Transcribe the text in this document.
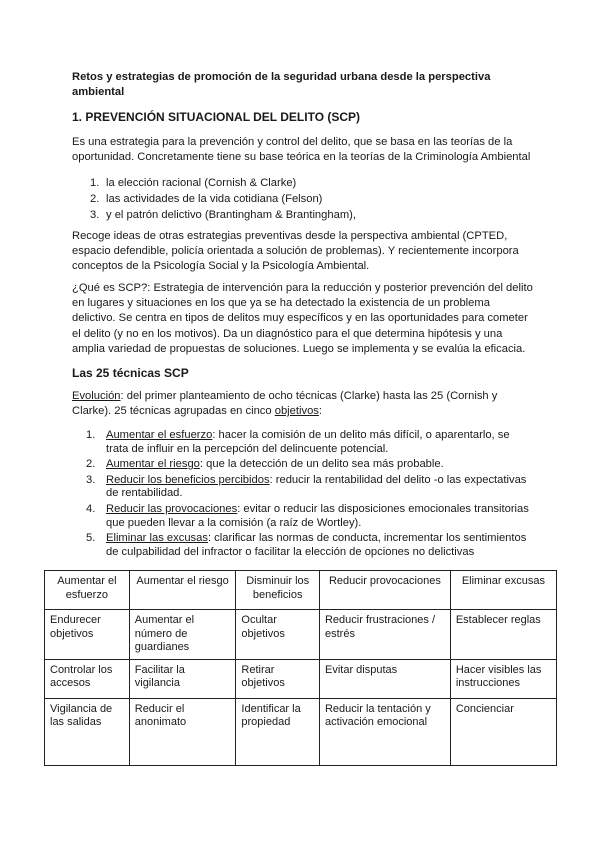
Retos y estrategias de promoción de la seguridad urbana desde la perspectiva ambiental
1. PREVENCIÓN SITUACIONAL DEL DELITO (SCP)
Es una estrategia para la prevención y control del delito, que se basa en las teorías de la oportunidad. Concretamente tiene su base teórica en la teorías de la Criminología Ambiental
1. la elección racional (Cornish & Clarke)
2. las actividades de la vida cotidiana (Felson)
3. y el patrón delictivo (Brantingham & Brantingham),
Recoge ideas de otras estrategias preventivas desde la perspectiva ambiental (CPTED, espacio defendible, policía orientada a solución de problemas). Y recientemente incorpora conceptos de la Psicología Social y la Psicología Ambiental.
¿Qué es SCP?: Estrategia de intervención para la reducción y posterior prevención del delito en lugares y situaciones en los que ya se ha detectado la existencia de un problema delictivo. Se centra en tipos de delitos muy específicos y en las oportunidades para cometer el delito (y no en los motivos). Da un diagnóstico para el que determina hipótesis y una amplia variedad de propuestas de soluciones. Luego se implementa y se evalúa la eficacia.
Las 25 técnicas SCP
Evolución: del primer planteamiento de ocho técnicas (Clarke) hasta las 25 (Cornish y Clarke). 25 técnicas agrupadas en cinco objetivos:
1. Aumentar el esfuerzo: hacer la comisión de un delito más difícil, o aparentarlo, se trata de influir en la percepción del delincuente potencial.
2. Aumentar el riesgo: que la detección de un delito sea más probable.
3. Reducir los beneficios percibidos: reducir la rentabilidad del delito -o las expectativas de rentabilidad.
4. Reducir las provocaciones: evitar o reducir las disposiciones emocionales transitorias que pueden llevar a la comisión (a raíz de Wortley).
5. Eliminar las excusas: clarificar las normas de conducta, incrementar los sentimientos de culpabilidad del infractor o facilitar la elección de opciones no delictivas
Aumentar el esfuerzo	Aumentar el riesgo	Disminuir los beneficios	Reducir provocaciones	Eliminar excusas
Endurecer objetivos	Aumentar el número de guardianes	Ocultar objetivos	Reducir frustraciones / estrés	Establecer reglas
Controlar los accesos	Facilitar la vigilancia	Retirar objetivos	Evitar disputas	Hacer visibles las instrucciones
Vigilancia de las salidas	Reducir el anonimato	Identificar la propiedad	Reducir la tentación y activación emocional	Concienciar
